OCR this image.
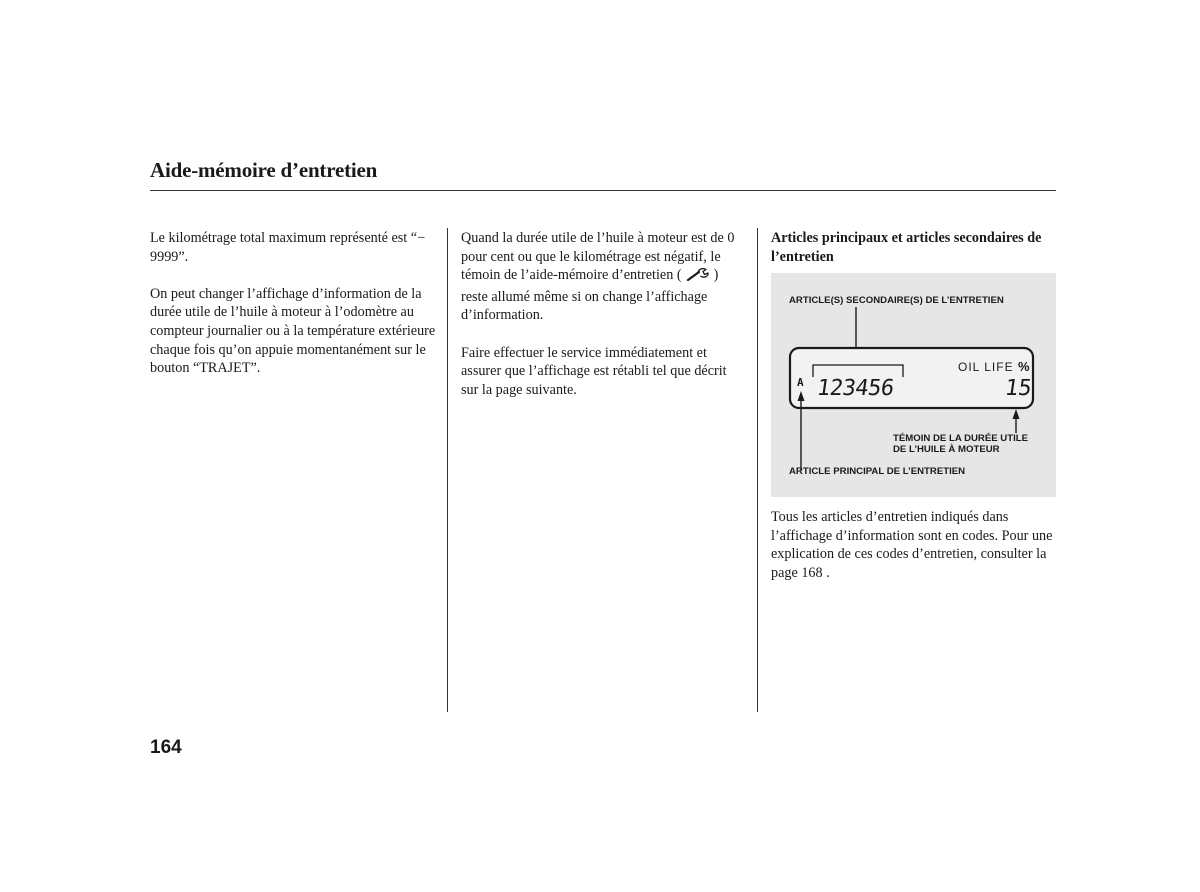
Aide-mémoire d’entretien

Le kilométrage total maximum représenté est “− 9999”.

On peut changer l’affichage d’information de la durée utile de l’huile à moteur à l’odomètre au compteur journalier ou à la température extérieure chaque fois qu’on appuie momentanément sur le bouton “TRAJET”.

Quand la durée utile de l’huile à moteur est de 0 pour cent ou que le kilométrage est négatif, le témoin de l’aide-mémoire d’entretien ( ) reste allumé même si on change l’affichage d’information.

Faire effectuer le service immédiatement et assurer que l’affichage est rétabli tel que décrit sur la page suivante.

Articles principaux et articles secondaires de l’entretien

ARTICLE(S) SECONDAIRE(S) DE L’ENTRETIEN
A 123456
OIL LIFE %
15
TÉMOIN DE LA DURÉE UTILE
DE L’HUILE À MOTEUR
ARTICLE PRINCIPAL DE L’ENTRETIEN

Tous les articles d’entretien indiqués dans l’affichage d’information sont en codes. Pour une explication de ces codes d’entretien, consulter la page 168 .

164
